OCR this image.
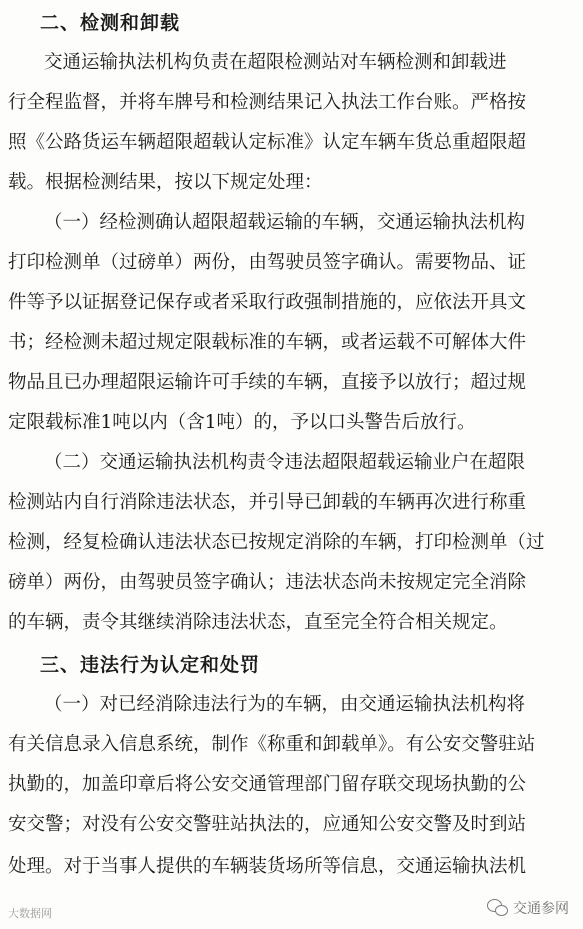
二、检测和卸载
交通运输执法机构负责在超限检测站对车辆检测和卸载进
行全程监督，并将车牌号和检测结果记入执法工作台账。严格按
照《公路货运车辆超限超载认定标准》认定车辆车货总重超限超
载。根据检测结果，按以下规定处理：
（一）经检测确认超限超载运输的车辆，交通运输执法机构
打印检测单（过磅单）两份，由驾驶员签字确认。需要物品、证
件等予以证据登记保存或者采取行政强制措施的，应依法开具文
书；经检测未超过规定限载标准的车辆，或者运载不可解体大件
物品且已办理超限运输许可手续的车辆，直接予以放行；超过规
定限载标准1吨以内（含1吨）的，予以口头警告后放行。
（二）交通运输执法机构责令违法超限超载运输业户在超限
检测站内自行消除违法状态，并引导已卸载的车辆再次进行称重
检测，经复检确认违法状态已按规定消除的车辆，打印检测单（过
磅单）两份，由驾驶员签字确认；违法状态尚未按规定完全消除
的车辆，责令其继续消除违法状态，直至完全符合相关规定。
三、违法行为认定和处罚
（一）对已经消除违法行为的车辆，由交通运输执法机构将
有关信息录入信息系统，制作《称重和卸载单》。有公安交警驻站
执勤的，加盖印章后将公安交通管理部门留存联交现场执勤的公
安交警；对没有公安交警驻站执法的，应通知公安交警及时到站
处理。对于当事人提供的车辆装货场所等信息，交通运输执法机
大数据网	交通参网
